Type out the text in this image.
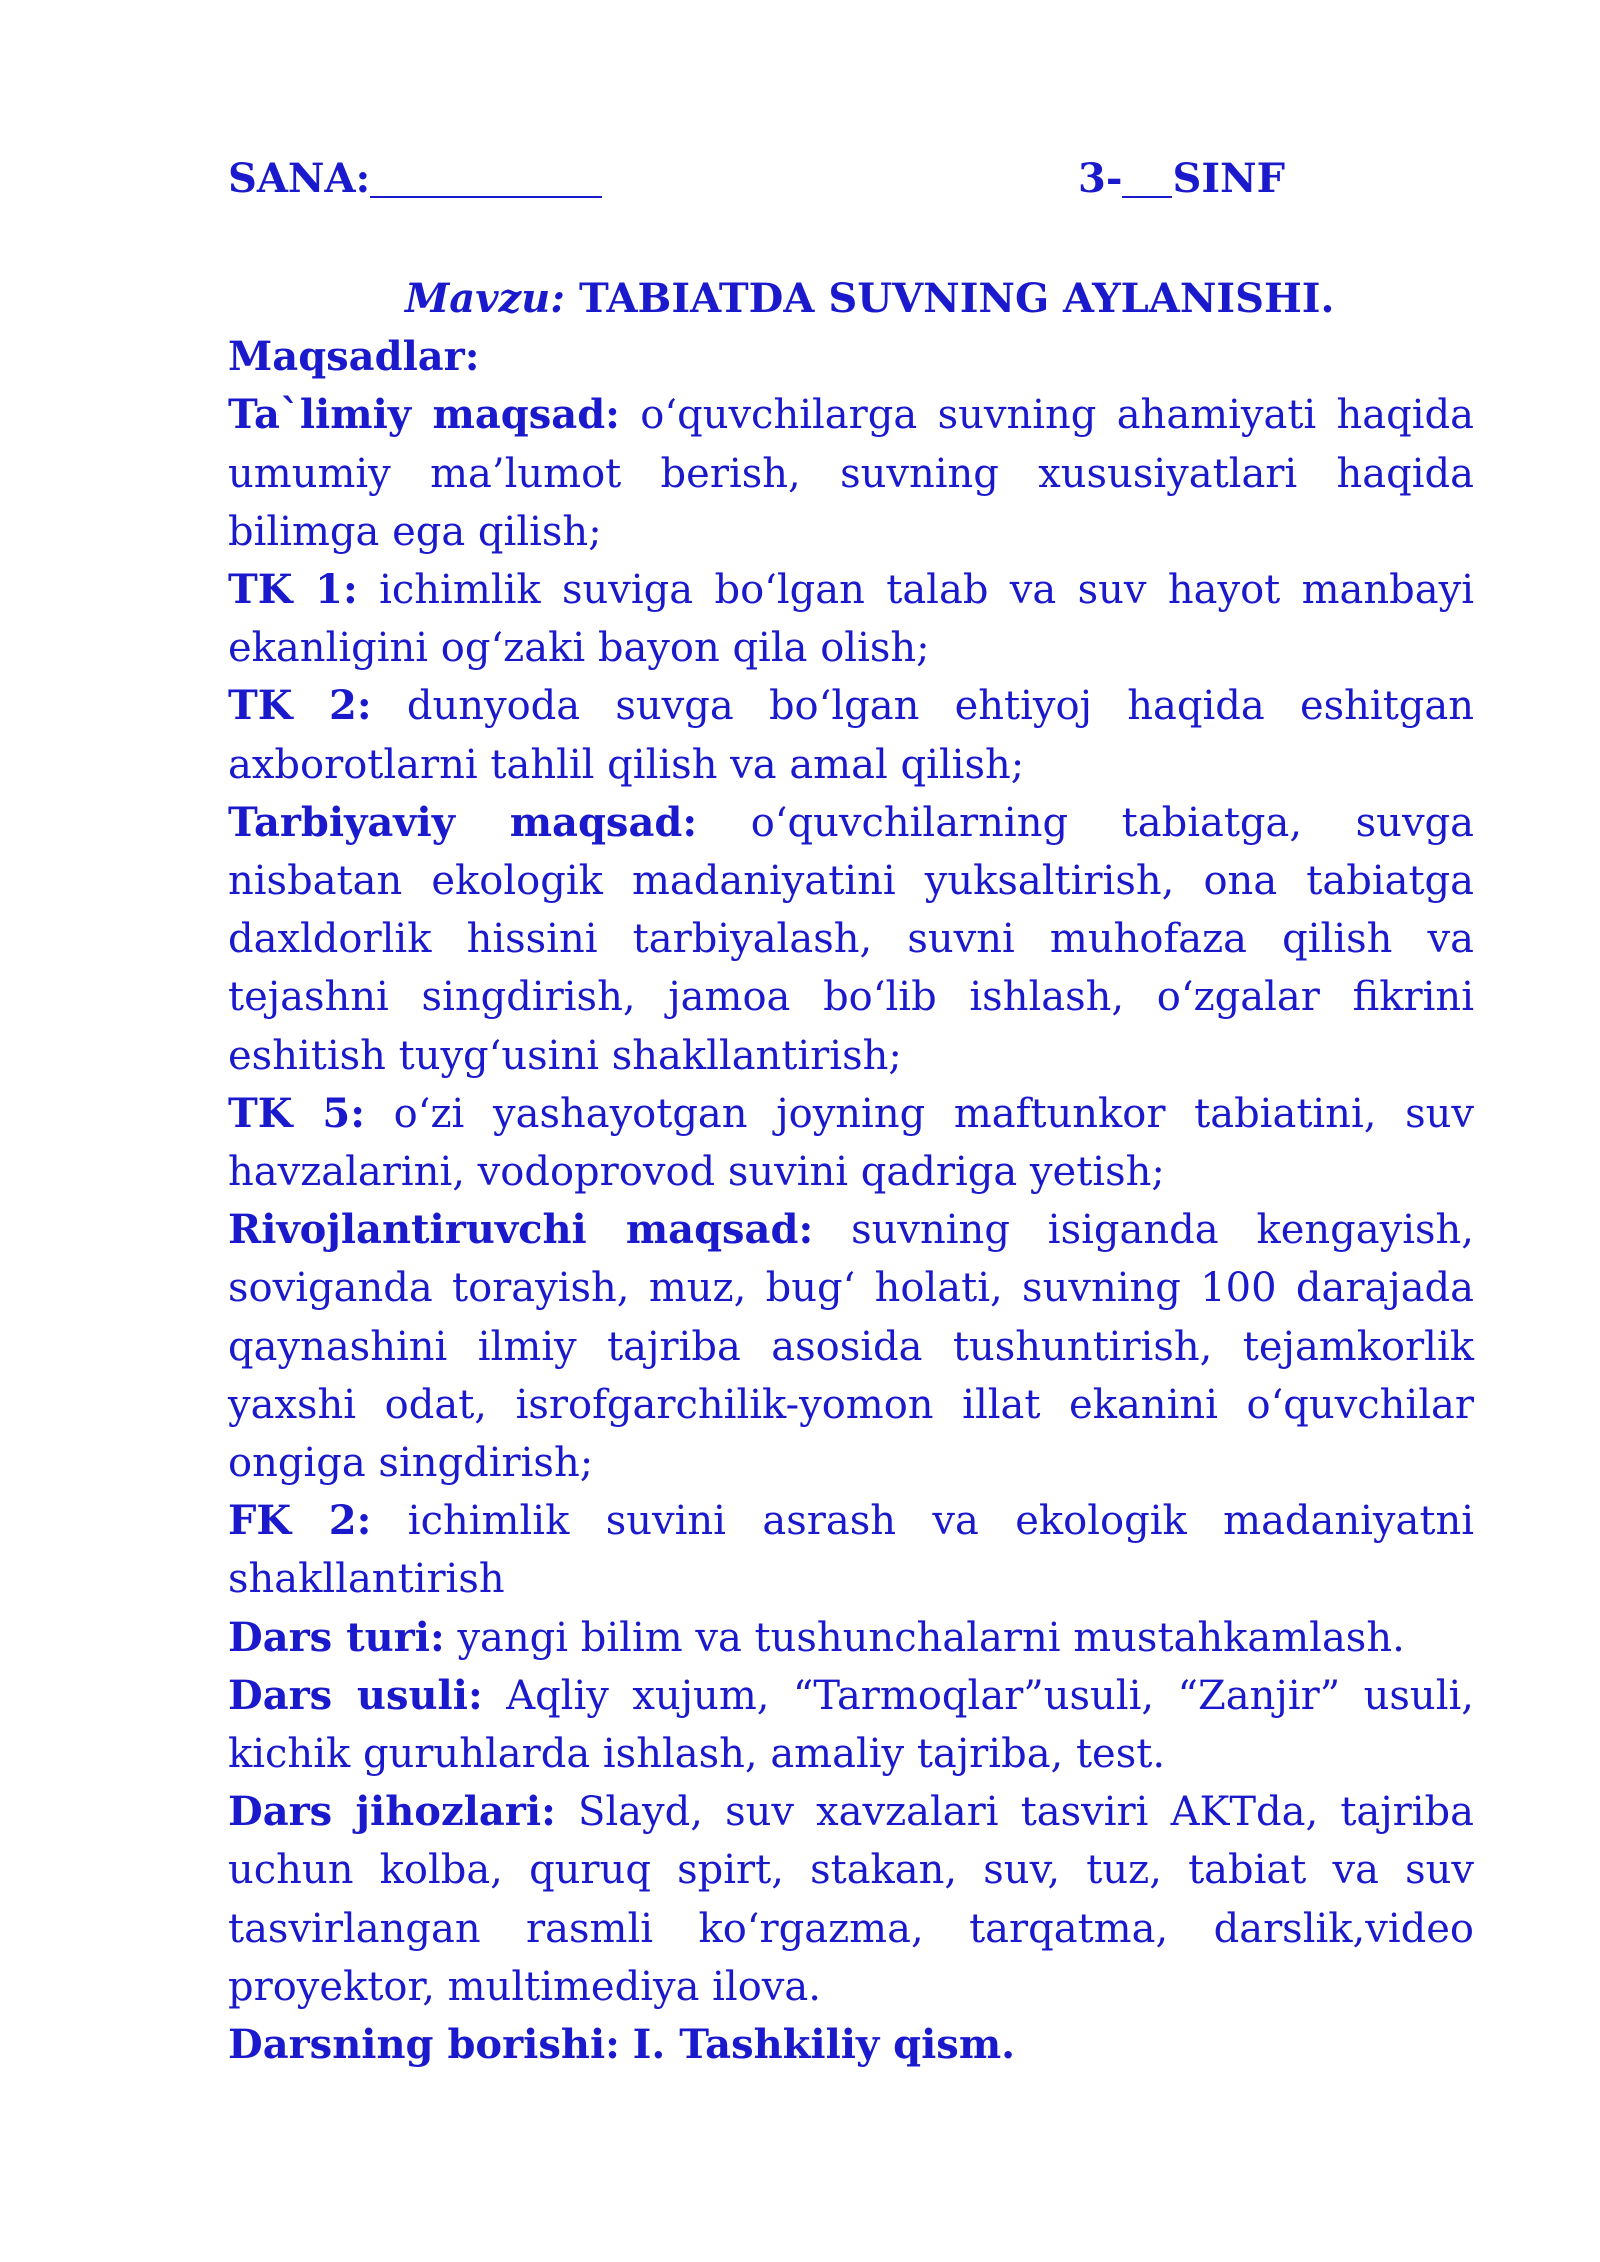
SANA:	3- SINF
Mavzu: TABIATDA SUVNING AYLANISHI.

Maqsadlar:

Ta`limiy maqsad: o‘quvchilarga suvning ahamiyati haqida umumiy ma’lumot berish, suvning xususiyatlari haqida bilimga ega qilish;

TK 1: ichimlik suviga bo‘lgan talab va suv hayot manbayi ekanligini og‘zaki bayon qila olish;

TK 2: dunyoda suvga bo‘lgan ehtiyoj haqida eshitgan axborotlarni tahlil qilish va amal qilish;

Tarbiyaviy maqsad: o‘quvchilarning tabiatga, suvga nisbatan ekologik madaniyatini yuksaltirish, ona tabiatga daxldorlik hissini tarbiyalash, suvni muhofaza qilish va tejashni singdirish, jamoa bo‘lib ishlash, o‘zgalar fikrini eshitish tuyg‘usini shakllantirish;

TK 5: o‘zi yashayotgan joyning maftunkor tabiatini, suv havzalarini, vodoprovod suvini qadriga yetish;

Rivojlantiruvchi maqsad: suvning isiganda kengayish, soviganda torayish, muz, bug‘ holati, suvning 100 darajada qaynashini ilmiy tajriba asosida tushuntirish, tejamkorlik yaxshi odat, isrofgarchilik-yomon illat ekanini o‘quvchilar ongiga singdirish;

FK 2: ichimlik suvini asrash va ekologik madaniyatni shakllantirish

Dars turi: yangi bilim va tushunchalarni mustahkamlash.

Dars usuli: Aqliy xujum, “Tarmoqlar”usuli, “Zanjir” usuli, kichik guruhlarda ishlash, amaliy tajriba, test.

Dars jihozlari: Slayd, suv xavzalari tasviri AKTda, tajriba uchun kolba, quruq spirt, stakan, suv, tuz, tabiat va suv tasvirlangan rasmli ko‘rgazma, tarqatma, darslik,video proyektor, multimediya ilova.

Darsning borishi: I. Tashkiliy qism.
